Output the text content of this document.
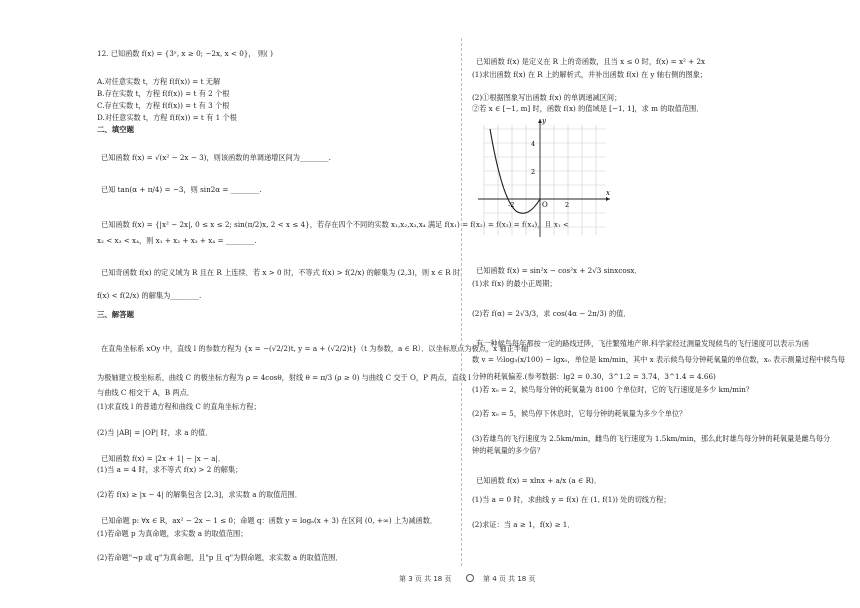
12. 已知函数 f(x) = {3ˣ, x ≥ 0; −2x, x < 0}， 则( )
A.对任意实数 t，方程 f(f(x)) = t 无解
B.存在实数 t，方程 f(f(x)) = t 有 2 个根
C.存在实数 t，方程 f(f(x)) = t 有 3 个根
D.对任意实数 t，方程 f(f(x)) = t 有 1 个根
二、填空题
已知函数 f(x) = √(x² − 2x − 3)，则该函数的单调递增区间为________.
已知 tan(α + π/4) = −3，则 sin2α = ________.
已知函数 f(x) = {|x² − 2x|, 0 ≤ x ≤ 2; sin(π/2)x, 2 < x ≤ 4}，若存在四个不同的实数 x₁,x₂,x₃,x₄ 满足 f(x₁) = f(x₂) = f(x₃) = f(x₄)，且 x₁ <
x₂ < x₃ < x₄，则 x₁ + x₂ + x₃ + x₄ = ________.
已知奇函数 f(x) 的定义域为 R 且在 R 上连续．若 x > 0 时，不等式 f(x) > f(2/x) 的解集为 (2,3)，则 x ∈ R 时，
f(x) < f(2/x) 的解集为________.
三、解答题
在直角坐标系 xOy 中，直线 l 的参数方程为 {x = −(√2/2)t, y = a + (√2/2)t}（t 为参数，a ∈ R）．以坐标原点为极点，x 轴正半轴
为极轴建立极坐标系，曲线 C 的极坐标方程为 ρ = 4cosθ，射线 θ = π/3 (ρ ≥ 0) 与曲线 C 交于 O，P 两点，直线 l
与曲线 C 相交于 A，B 两点．
(1)求直线 l 的普通方程和曲线 C 的直角坐标方程；
(2)当 |AB| = |OP| 时，求 a 的值．
已知函数 f(x) = |2x + 1| − |x − a|．
(1)当 a = 4 时，求不等式 f(x) > 2 的解集；
(2)若 f(x) ≥ |x − 4| 的解集包含 [2,3]，求实数 a 的取值范围．
已知命题 p: ∀x ∈ R，ax² − 2x − 1 ≤ 0；命题 q：函数 y = logₐ(x + 3) 在区间 (0, +∞) 上为减函数．
(1)若命题 p 为真命题，求实数 a 的取值范围；
(2)若命题"¬p 或 q"为真命题，且"p 且 q"为假命题，求实数 a 的取值范围．
已知函数 f(x) 是定义在 R 上的奇函数，且当 x ≤ 0 时，f(x) = x² + 2x
(1)求出函数 f(x) 在 R 上的解析式，并补出函数 f(x) 在 y 轴右侧的图象；
(2)①根据图象写出函数 f(x) 的单调递减区间；
②若 x ∈ [−1, m] 时，函数 f(x) 的值域是 [−1, 1]，求 m 的取值范围．
已知函数 f(x) = sin²x − cos²x + 2√3 sinxcosx．
(1)求 f(x) 的最小正周期；
(2)若 f(α) = 2√3/3，求 cos(4α − 2π/3) 的值．
有一种候鸟每年都按一定的路线迁陟，飞往繁殖地产卵.科学家经过测量发现候鸟的飞行速度可以表示为函
数 v = ½log₃(x/100) − lgx₀，单位是 km/min，其中 x 表示候鸟每分钟耗氧量的单位数，x₀ 表示测量过程中候鸟每
分钟的耗氧偏差.(参考数据：lg2 = 0.30，3^1.2 = 3.74，3^1.4 = 4.66)
(1)若 x₀ = 2，候鸟每分钟的耗氧量为 8100 个单位时，它的飞行速度是多少 km/min？
(2)若 x₀ = 5，候鸟停下休息时，它每分钟的耗氧量为多少个单位？
(3)若雄鸟的飞行速度为 2.5km/min，雌鸟的飞行速度为 1.5km/min，那么此时雄鸟每分钟的耗氧量是雌鸟每分
钟的耗氧量的多少倍？
已知函数 f(x) = xlnx + a/x (a ∈ R)．
(1)当 a = 0 时，求曲线 y = f(x) 在 (1, f(1)) 处的切线方程；
(2)求证：当 a ≥ 1，f(x) ≥ 1．
y
x
O
4
2
-2	2
第 3 页 共 18 页	第 4 页 共 18 页
